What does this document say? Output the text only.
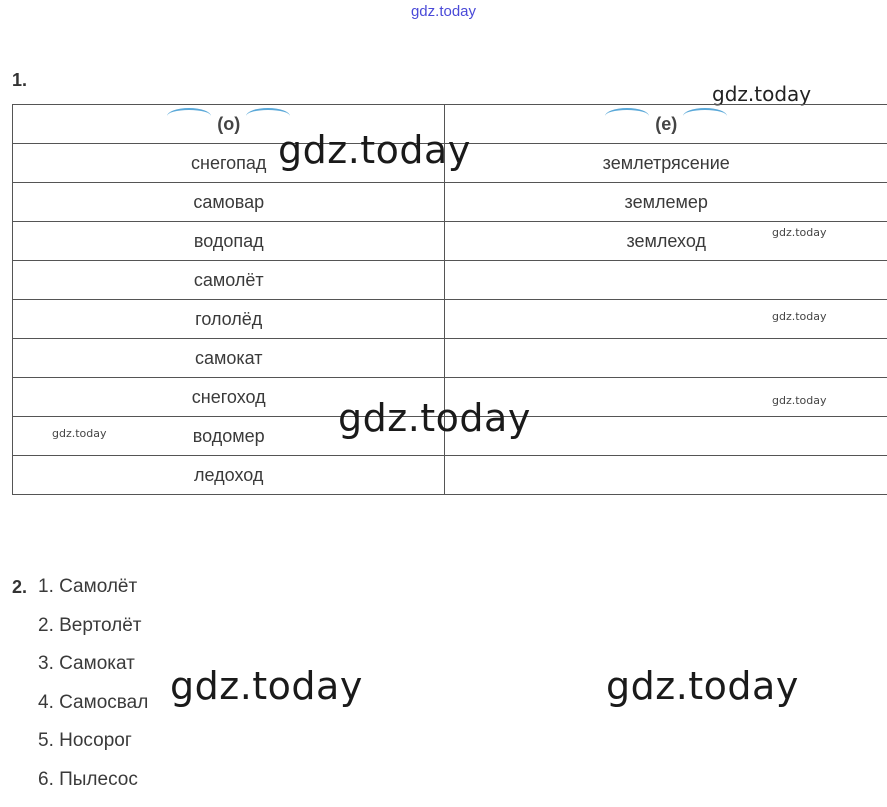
gdz.today
1.
gdz.today
(о)	(е)

снегопад	землетрясение
самовар	землемер
водопад	землеход
самолёт	
гололёд	
самокат	
снегоход	
водомер	
ледоход	
gdz.today
gdz.today
gdz.today
gdz.today
gdz.today
gdz.today
2. 1. Самолёт
2. Вертолёт
3. Самокат
4. Самосвал
5. Носорог
6. Пылесос
gdz.today	gdz.today
